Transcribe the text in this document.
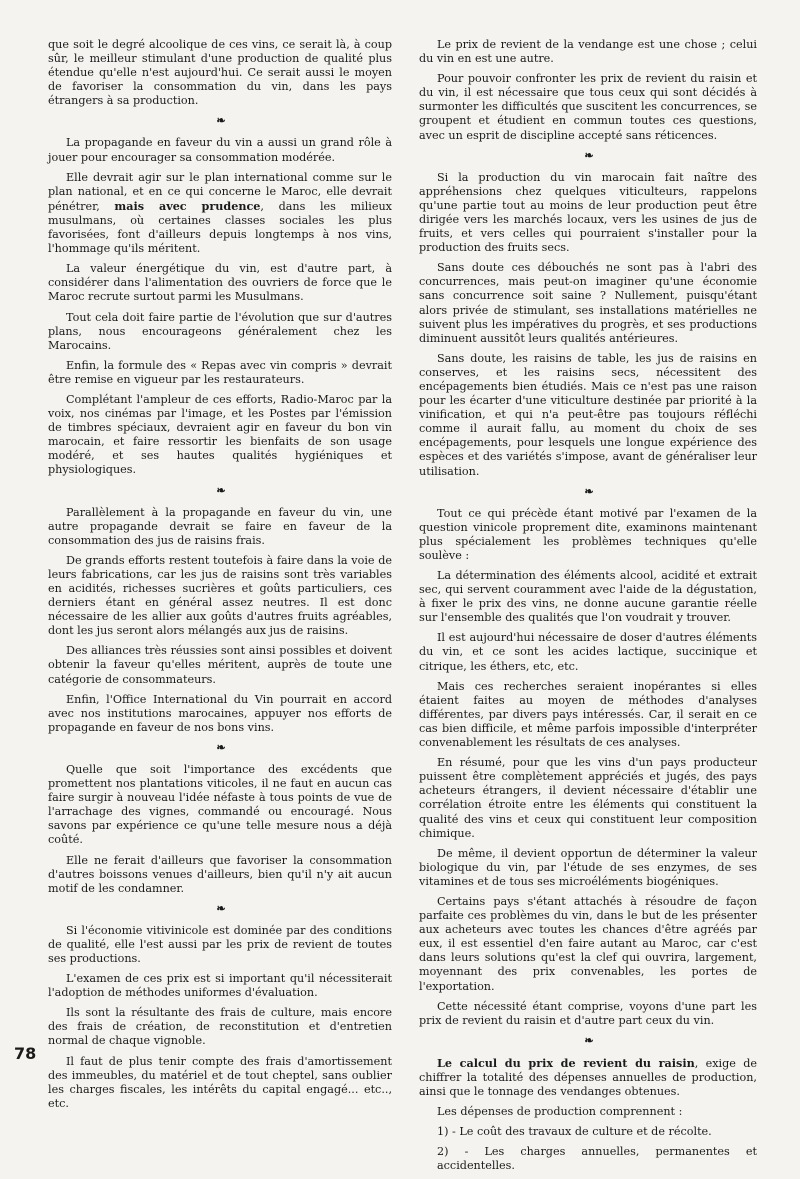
que soit le degré alcoolique de ces vins, ce serait là, à coup sûr, le meilleur stimulant d'une production de qualité plus étendue qu'elle n'est aujourd'hui. Ce serait aussi le moyen de favoriser la consommation du vin, dans les pays étrangers à sa production.

❧

La propagande en faveur du vin a aussi un grand rôle à jouer pour encourager sa consommation modérée.

Elle devrait agir sur le plan international comme sur le plan national, et en ce qui concerne le Maroc, elle devrait pénétrer, mais avec prudence, dans les milieux musulmans, où certaines classes sociales les plus favorisées, font d'ailleurs depuis longtemps à nos vins, l'hommage qu'ils méritent.

La valeur énergétique du vin, est d'autre part, à considérer dans l'alimentation des ouvriers de force que le Maroc recrute surtout parmi les Musulmans.

Tout cela doit faire partie de l'évolution que sur d'autres plans, nous encourageons généralement chez les Marocains.

Enfin, la formule des « Repas avec vin compris » devrait être remise en vigueur par les restaurateurs.

Complétant l'ampleur de ces efforts, Radio-Maroc par la voix, nos cinémas par l'image, et les Postes par l'émission de timbres spéciaux, devraient agir en faveur du bon vin marocain, et faire ressortir les bienfaits de son usage modéré, et ses hautes qualités hygiéniques et physiologiques.

❧

Parallèlement à la propagande en faveur du vin, une autre propagande devrait se faire en faveur de la consommation des jus de raisins frais.

De grands efforts restent toutefois à faire dans la voie de leurs fabrications, car les jus de raisins sont très variables en acidités, richesses sucrières et goûts particuliers, ces derniers étant en général assez neutres. Il est donc nécessaire de les allier aux goûts d'autres fruits agréables, dont les jus seront alors mélangés aux jus de raisins.

Des alliances très réussies sont ainsi possibles et doivent obtenir la faveur qu'elles méritent, auprès de toute une catégorie de consommateurs.

Enfin, l'Office International du Vin pourrait en accord avec nos institutions marocaines, appuyer nos efforts de propagande en faveur de nos bons vins.

❧

Quelle que soit l'importance des excédents que promettent nos plantations viticoles, il ne faut en aucun cas faire surgir à nouveau l'idée néfaste à tous points de vue de l'arrachage des vignes, commandé ou encouragé. Nous savons par expérience ce qu'une telle mesure nous a déjà coûté.

Elle ne ferait d'ailleurs que favoriser la consommation d'autres boissons venues d'ailleurs, bien qu'il n'y ait aucun motif de les condamner.

❧

Si l'économie vitivinicole est dominée par des conditions de qualité, elle l'est aussi par les prix de revient de toutes ses productions.

L'examen de ces prix est si important qu'il nécessiterait l'adoption de méthodes uniformes d'évaluation.

Ils sont la résultante des frais de culture, mais encore des frais de création, de reconstitution et d'entretien normal de chaque vignoble.

Il faut de plus tenir compte des frais d'amortissement des immeubles, du matériel et de tout cheptel, sans oublier les charges fiscales, les intérêts du capital engagé... etc.., etc.

Le prix de revient de la vendange est une chose ; celui du vin en est une autre.

Pour pouvoir confronter les prix de revient du raisin et du vin, il est nécessaire que tous ceux qui sont décidés à surmonter les difficultés que suscitent les concurrences, se groupent et étudient en commun toutes ces questions, avec un esprit de discipline accepté sans réticences.

❧

Si la production du vin marocain fait naître des appréhensions chez quelques viticulteurs, rappelons qu'une partie tout au moins de leur production peut être dirigée vers les marchés locaux, vers les usines de jus de fruits, et vers celles qui pourraient s'installer pour la production des fruits secs.

Sans doute ces débouchés ne sont pas à l'abri des concurrences, mais peut-on imaginer qu'une économie sans concurrence soit saine ? Nullement, puisqu'étant alors privée de stimulant, ses installations matérielles ne suivent plus les impératives du progrès, et ses productions diminuent aussitôt leurs qualités antérieures.

Sans doute, les raisins de table, les jus de raisins en conserves, et les raisins secs, nécessitent des encépagements bien étudiés. Mais ce n'est pas une raison pour les écarter d'une viticulture destinée par priorité à la vinification, et qui n'a peut-être pas toujours réfléchi comme il aurait fallu, au moment du choix de ses encépagements, pour lesquels une longue expérience des espèces et des variétés s'impose, avant de généraliser leur utilisation.

❧

Tout ce qui précède étant motivé par l'examen de la question vinicole proprement dite, examinons maintenant plus spécialement les problèmes techniques qu'elle soulève :

La détermination des éléments alcool, acidité et extrait sec, qui servent couramment avec l'aide de la dégustation, à fixer le prix des vins, ne donne aucune garantie réelle sur l'ensemble des qualités que l'on voudrait y trouver.

Il est aujourd'hui nécessaire de doser d'autres éléments du vin, et ce sont les acides lactique, succinique et citrique, les éthers, etc, etc.

Mais ces recherches seraient inopérantes si elles étaient faites au moyen de méthodes d'analyses différentes, par divers pays intéressés. Car, il serait en ce cas bien difficile, et même parfois impossible d'interpréter convenablement les résultats de ces analyses.

En résumé, pour que les vins d'un pays producteur puissent être complètement appréciés et jugés, des pays acheteurs étrangers, il devient nécessaire d'établir une corrélation étroite entre les éléments qui constituent la qualité des vins et ceux qui constituent leur composition chimique.

De même, il devient opportun de déterminer la valeur biologique du vin, par l'étude de ses enzymes, de ses vitamines et de tous ses microéléments biogéniques.

Certains pays s'étant attachés à résoudre de façon parfaite ces problèmes du vin, dans le but de les présenter aux acheteurs avec toutes les chances d'être agréés par eux, il est essentiel d'en faire autant au Maroc, car c'est dans leurs solutions qu'est la clef qui ouvrira, largement, moyennant des prix convenables, les portes de l'exportation.

Cette nécessité étant comprise, voyons d'une part les prix de revient du raisin et d'autre part ceux du vin.

❧

Le calcul du prix de revient du raisin, exige de chiffrer la totalité des dépenses annuelles de production, ainsi que le tonnage des vendanges obtenues.

Les dépenses de production comprennent :

1) - Le coût des travaux de culture et de récolte.

2) - Les charges annuelles, permanentes et accidentelles.

78
